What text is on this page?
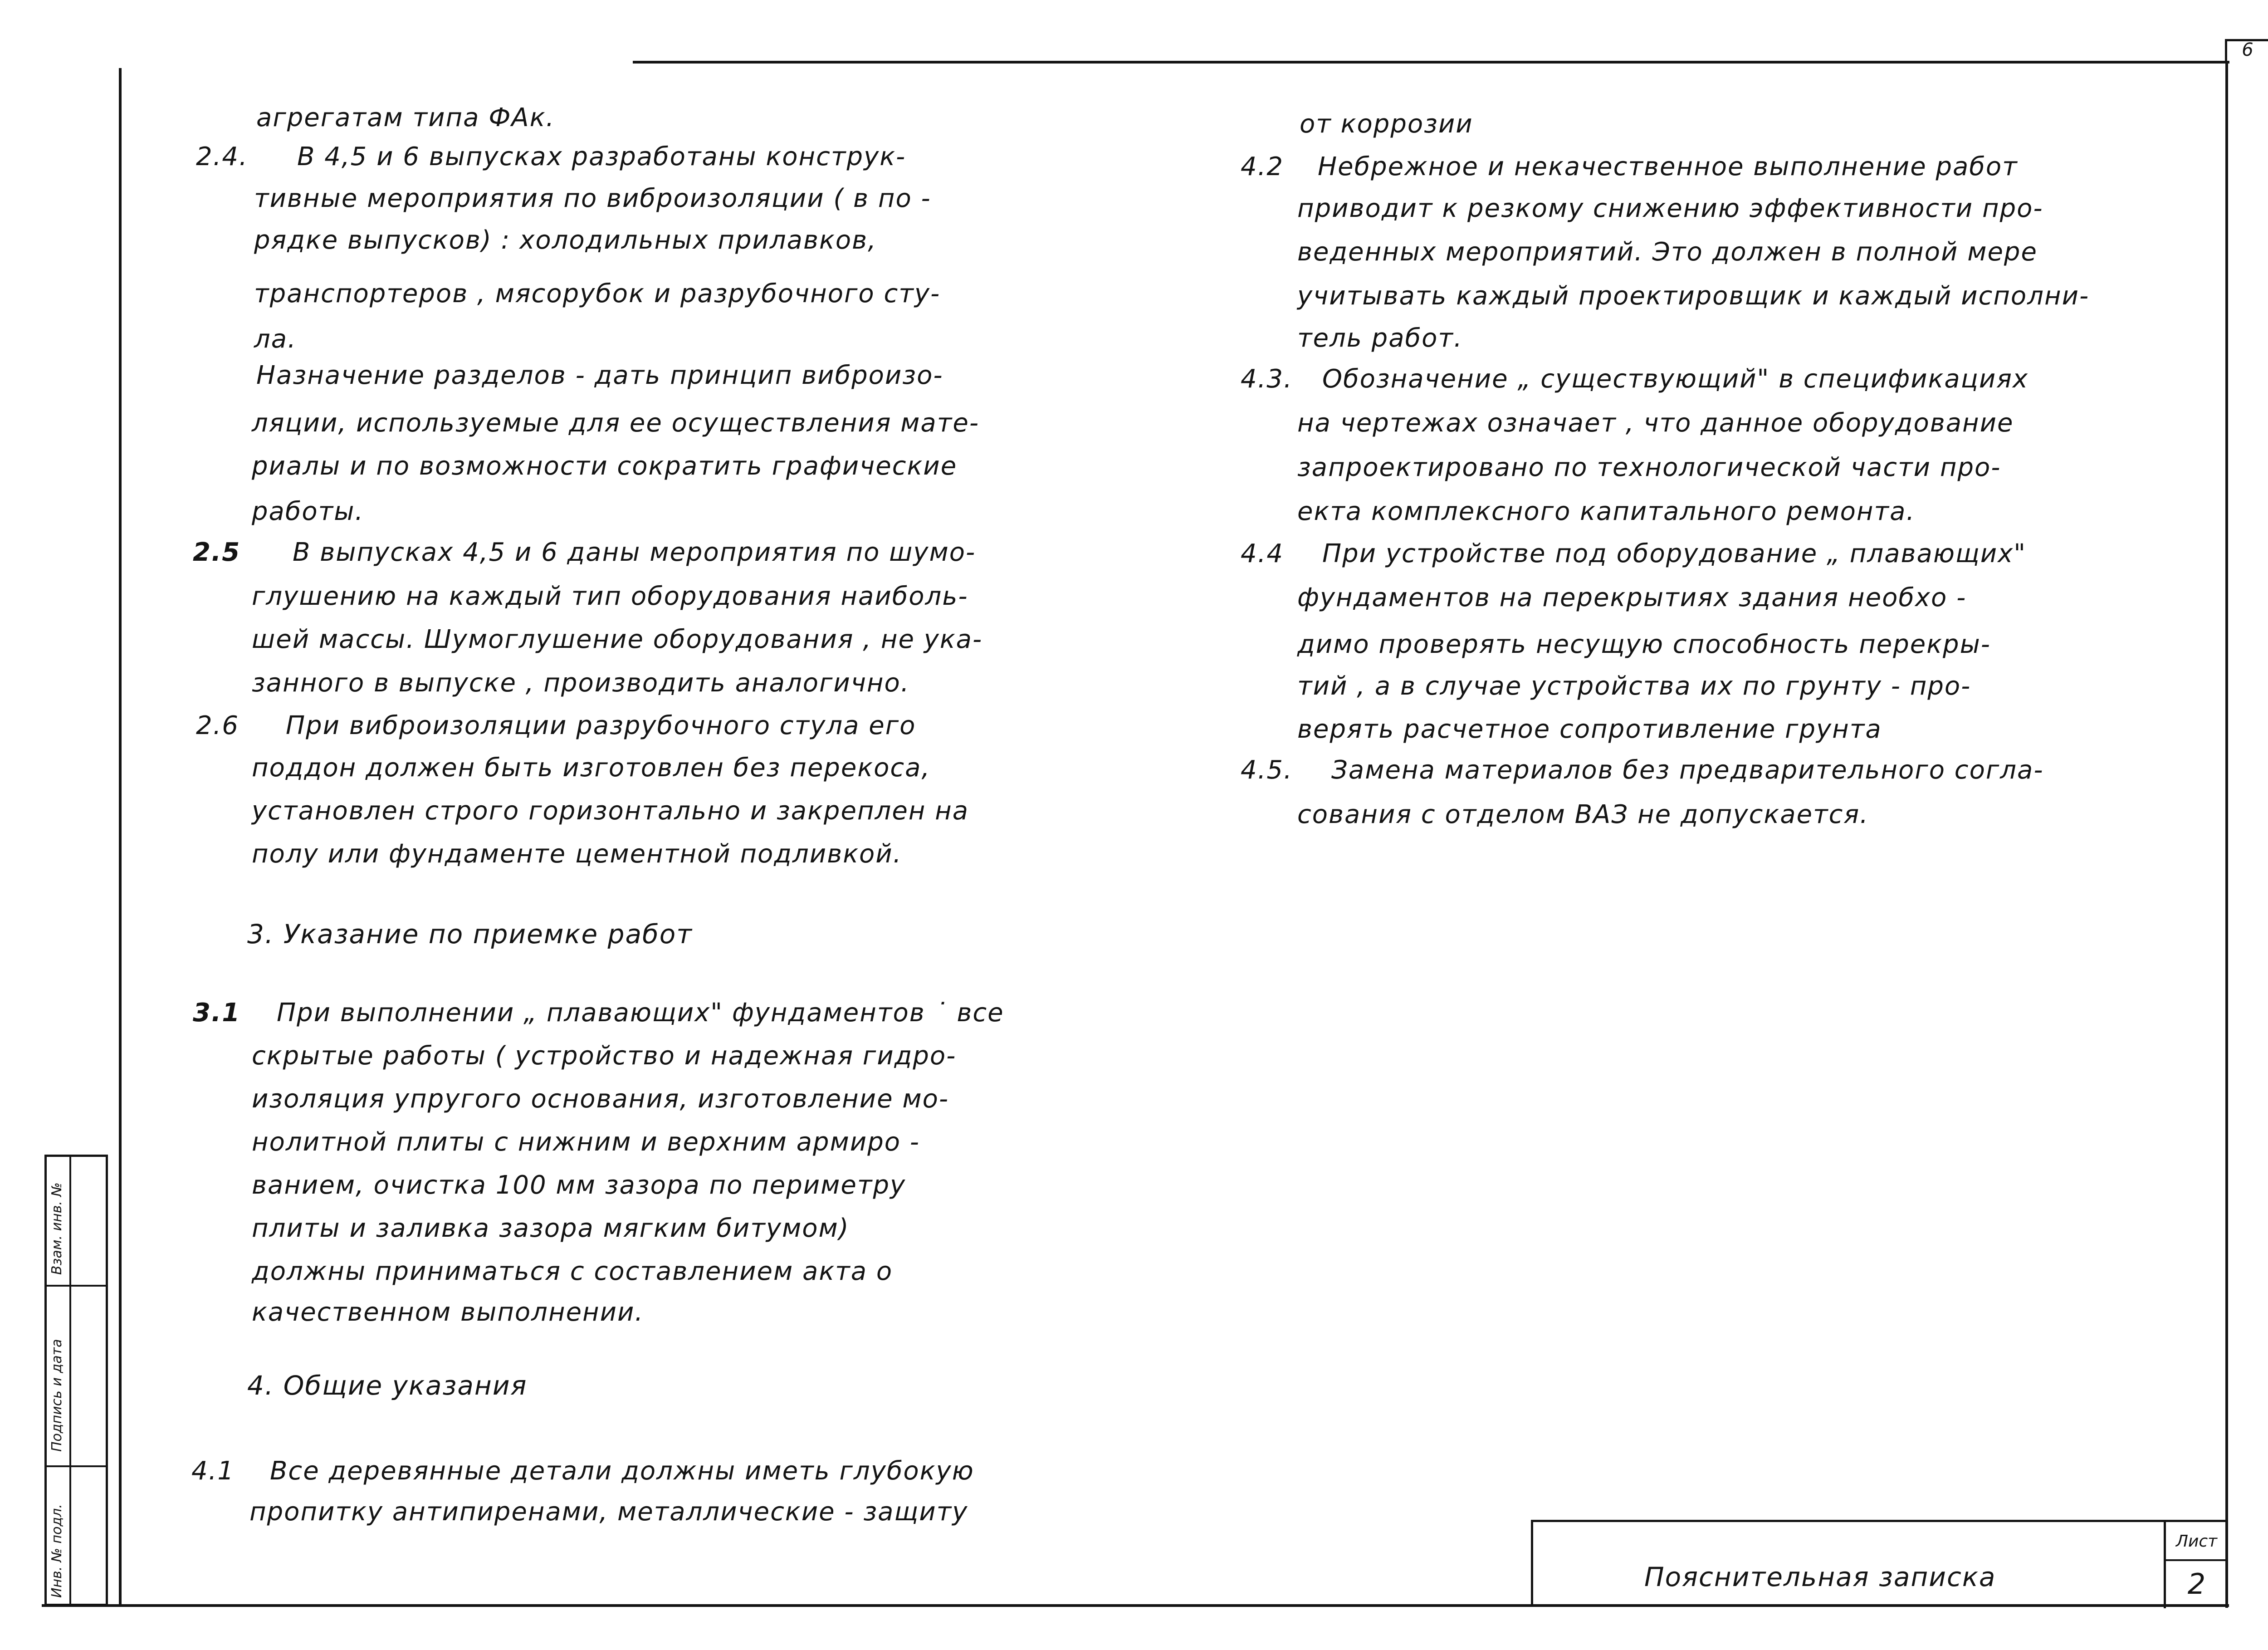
6
Инв. № подл.
Подпись и дата
Взам. инв. №
агрегатам типа ФАк.
2.4. В 4,5 и 6 выпусках разработаны конструк-
тивные мероприятия по виброизоляции ( в по -
рядке выпусков) : холодильных прилавков,
транспортеров , мясорубок и разрубочного сту-
ла.
Назначение разделов - дать принцип виброизо-
ляции, используемые для ее осуществления мате-
риалы и по возможности сократить графические
работы.
2.5 В выпусках 4,5 и 6 даны мероприятия по шумо-
глушению на каждый тип оборудования наиболь-
шей массы. Шумоглушение оборудования , не ука-
занного в выпуске , производить аналогично.
2.6 При виброизоляции разрубочного стула его
поддон должен быть изготовлен без перекоса,
установлен строго горизонтально и закреплен на
полу или фундаменте цементной подливкой.
3. Указание по приемке работ
3.1 При выполнении „ плавающих" фундаментов ˙ все
скрытые работы ( устройство и надежная гидро-
изоляция упругого основания, изготовление мо-
нолитной плиты с нижним и верхним армиро -
ванием, очистка 100 мм зазора по периметру
плиты и заливка зазора мягким битумом)
должны приниматься с составлением акта о
качественном выполнении.
4. Общие указания
4.1 Все деревянные детали должны иметь глубокую
пропитку антипиренами, металлические - защиту
от коррозии
4.2 Небрежное и некачественное выполнение работ
приводит к резкому снижению эффективности про-
веденных мероприятий. Это должен в полной мере
учитывать каждый проектировщик и каждый исполни-
тель работ.
4.3. Обозначение „ существующий" в спецификациях
на чертежах означает , что данное оборудование
запроектировано по технологической части про-
екта комплексного капитального ремонта.
4.4 При устройстве под оборудование „ плавающих"
фундаментов на перекрытиях здания необхо -
димо проверять несущую способность перекры-
тий , а в случае устройства их по грунту - про-
верять расчетное сопротивление грунта
4.5. Замена материалов без предварительного согла-
сования с отделом ВАЗ не допускается.
Пояснительная записка
Лист
2
